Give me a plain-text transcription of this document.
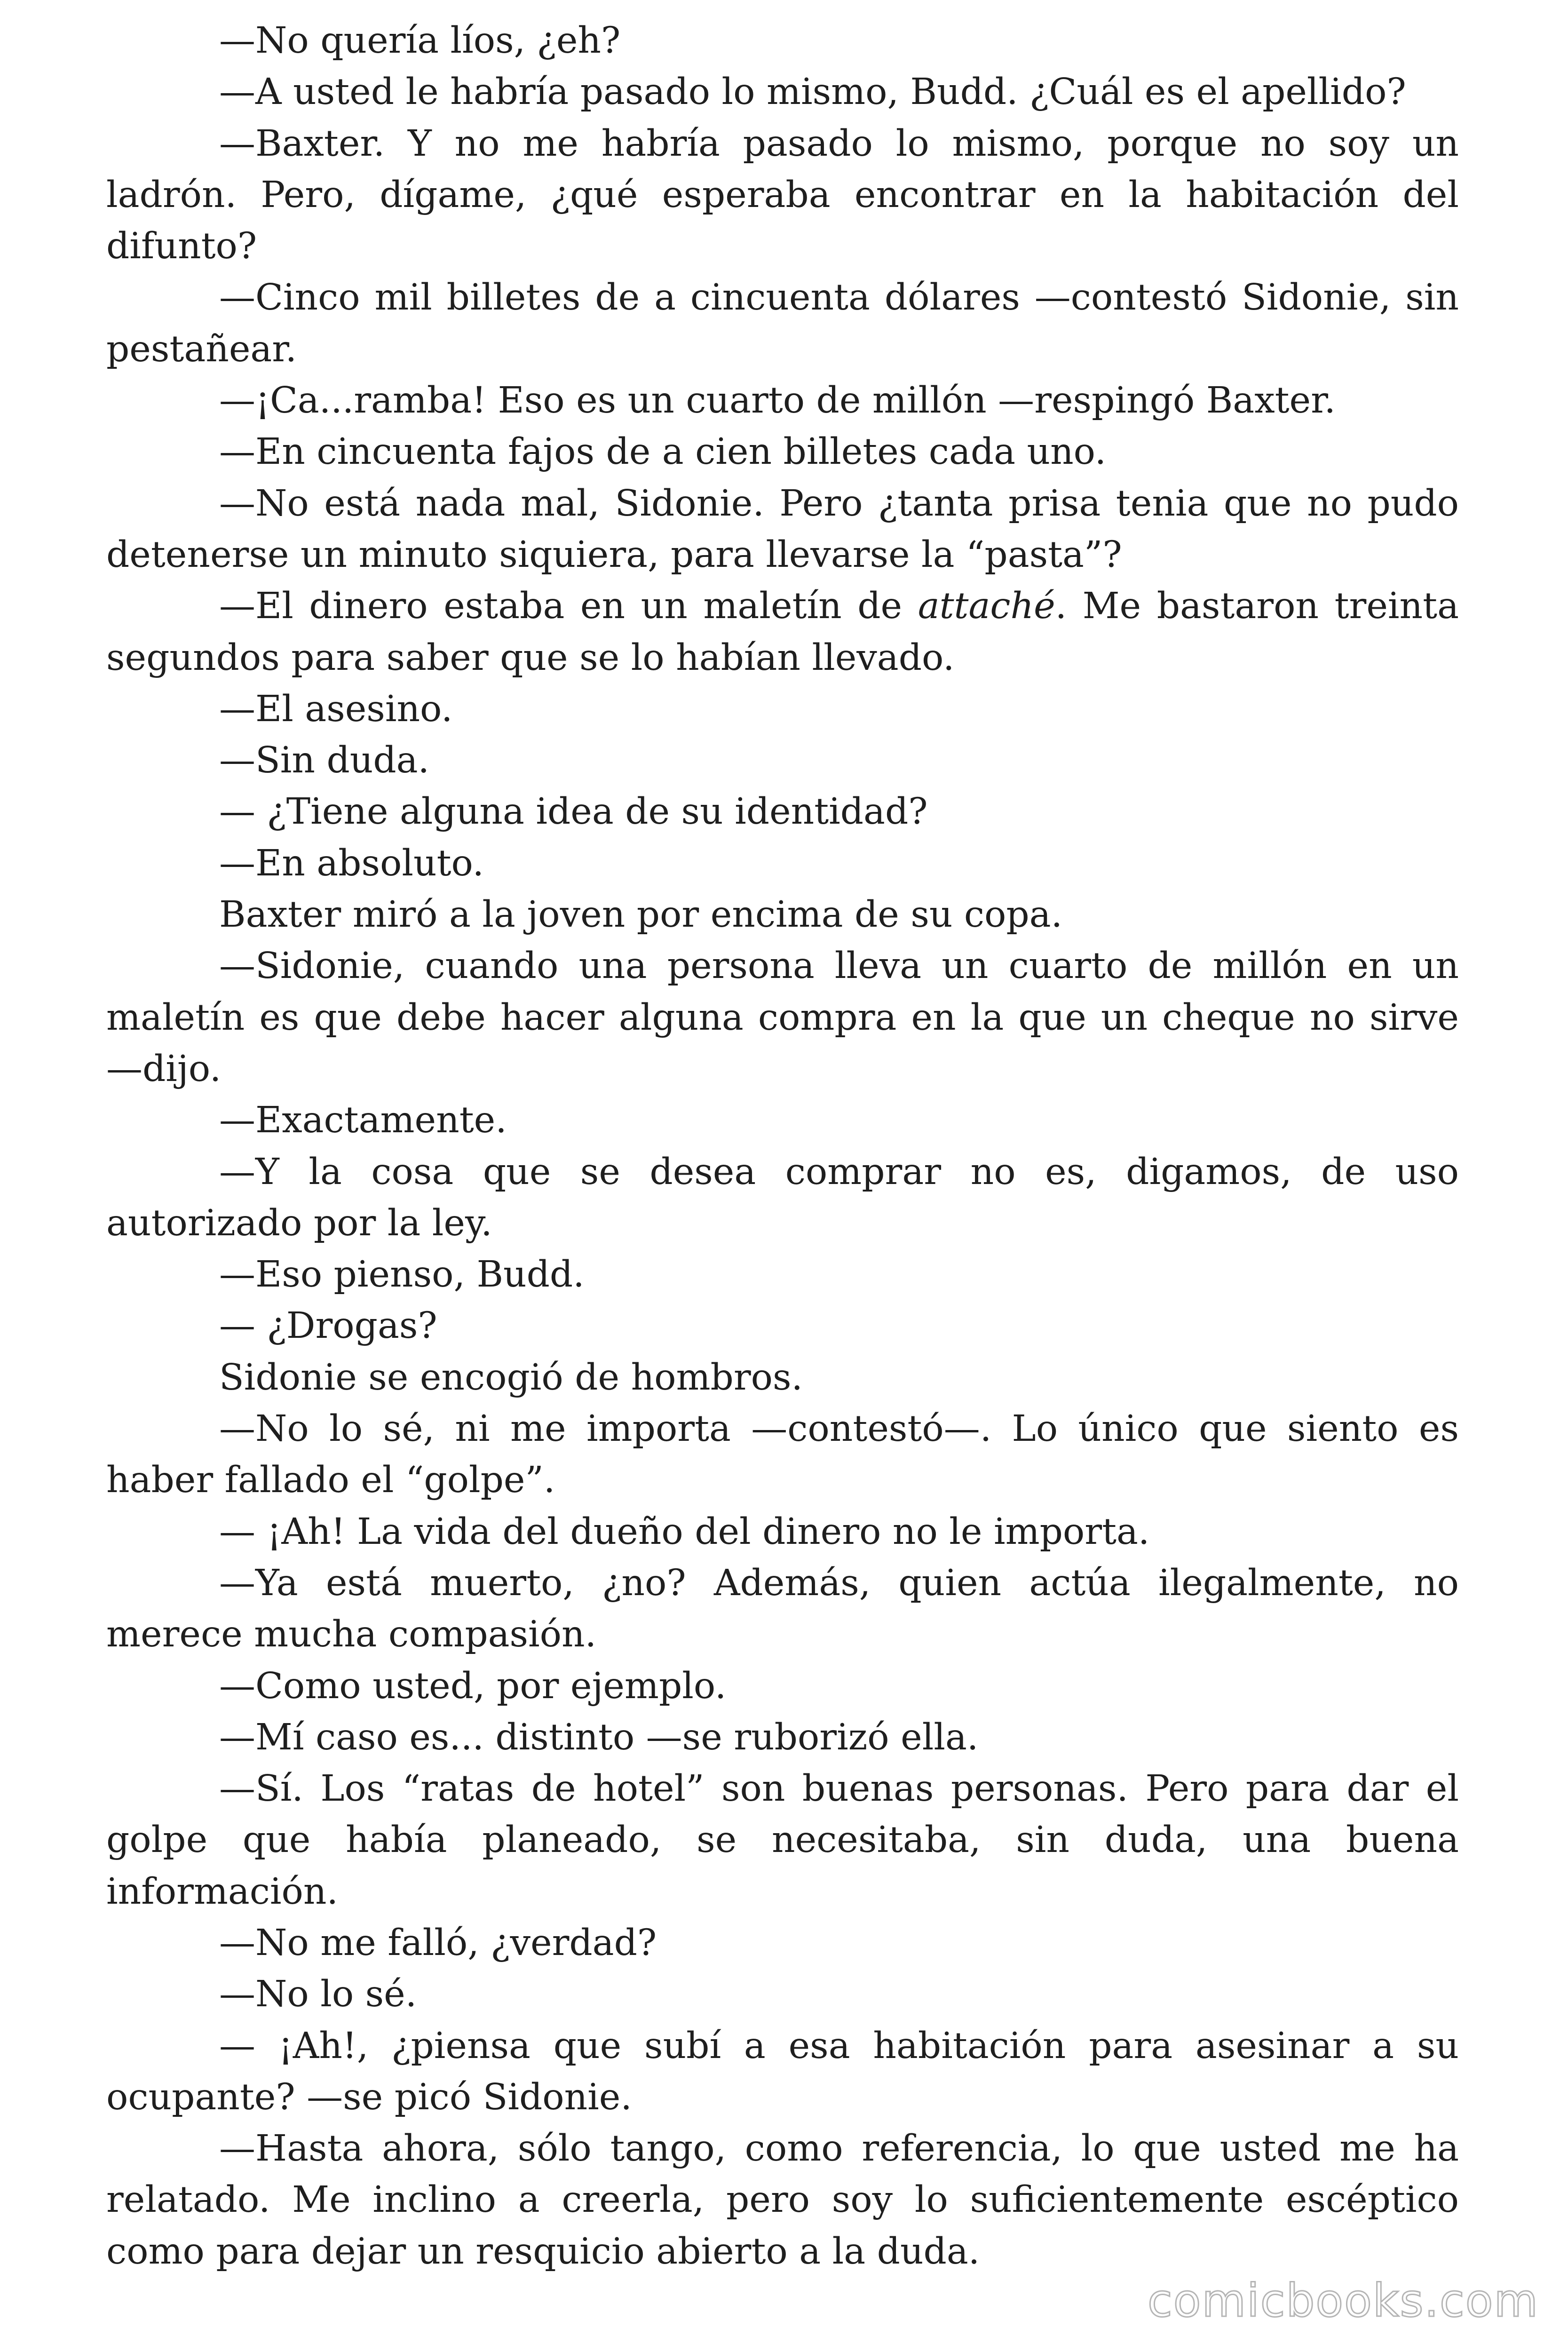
—No quería líos, ¿eh?

—A usted le habría pasado lo mismo, Budd. ¿Cuál es el apellido?

—Baxter. Y no me habría pasado lo mismo, porque no soy un ladrón. Pero, dígame, ¿qué esperaba encontrar en la habitación del difunto?

—Cinco mil billetes de a cincuenta dólares —contestó Sidonie, sin pestañear.

—¡Ca...ramba! Eso es un cuarto de millón —respingó Baxter.

—En cincuenta fajos de a cien billetes cada uno.

—No está nada mal, Sidonie. Pero ¿tanta prisa tenia que no pudo detenerse un minuto siquiera, para llevarse la “pasta”?

—El dinero estaba en un maletín de attaché. Me bastaron treinta segundos para saber que se lo habían llevado.

—El asesino.

—Sin duda.

— ¿Tiene alguna idea de su identidad?

—En absoluto.

Baxter miró a la joven por encima de su copa.

—Sidonie, cuando una persona lleva un cuarto de millón en un maletín es que debe hacer alguna compra en la que un cheque no sirve —dijo.

—Exactamente.

—Y la cosa que se desea comprar no es, digamos, de uso autorizado por la ley.

—Eso pienso, Budd.

— ¿Drogas?

Sidonie se encogió de hombros.

—No lo sé, ni me importa —contestó—. Lo único que siento es haber fallado el “golpe”.

— ¡Ah! La vida del dueño del dinero no le importa.

—Ya está muerto, ¿no? Además, quien actúa ilegalmente, no merece mucha compasión.

—Como usted, por ejemplo.

—Mí caso es... distinto —se ruborizó ella.

—Sí. Los “ratas de hotel” son buenas personas. Pero para dar el golpe que había planeado, se necesitaba, sin duda, una buena información.

—No me falló, ¿verdad?

—No lo sé.

— ¡Ah!, ¿piensa que subí a esa habitación para asesinar a su ocupante? —se picó Sidonie.

—Hasta ahora, sólo tango, como referencia, lo que usted me ha relatado. Me inclino a creerla, pero soy lo suficientemente escéptico como para dejar un resquicio abierto a la duda.

comicbooks.com
